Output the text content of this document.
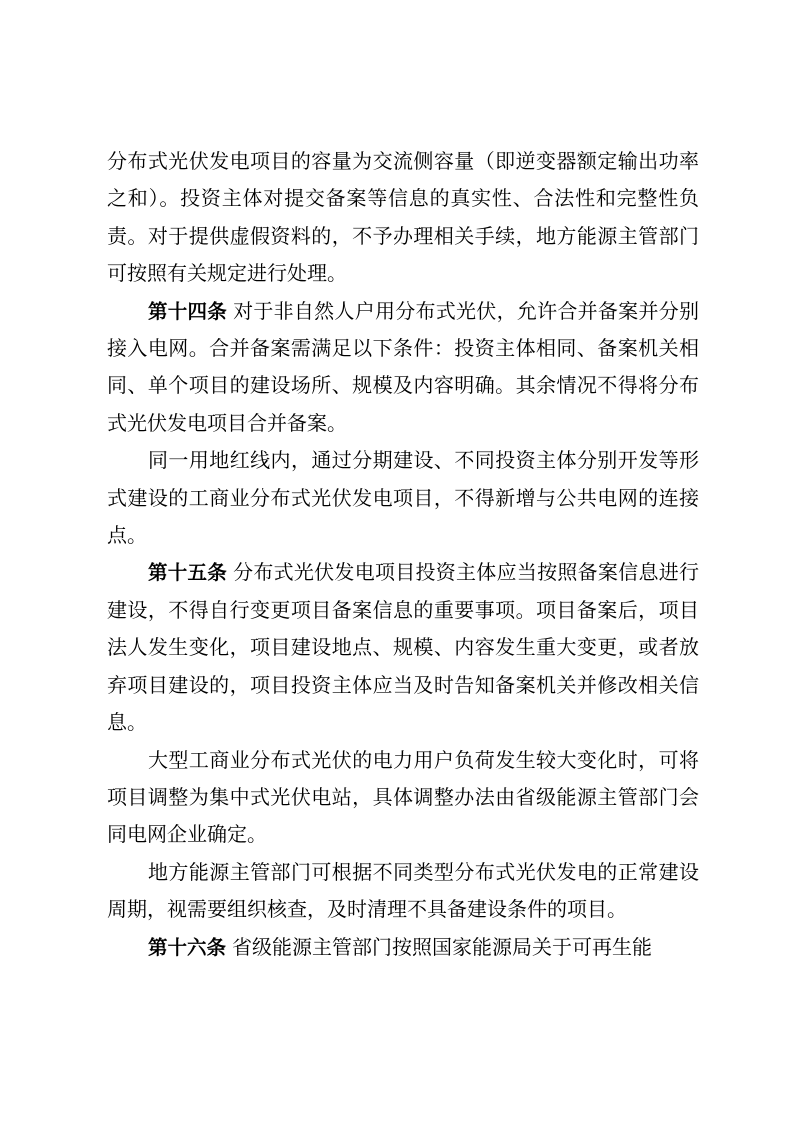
分布式光伏发电项目的容量为交流侧容量（即逆变器额定输出功率之和）。投资主体对提交备案等信息的真实性、合法性和完整性负责。对于提供虚假资料的，不予办理相关手续，地方能源主管部门可按照有关规定进行处理。

第十四条 对于非自然人户用分布式光伏，允许合并备案并分别接入电网。合并备案需满足以下条件：投资主体相同、备案机关相同、单个项目的建设场所、规模及内容明确。其余情况不得将分布式光伏发电项目合并备案。

同一用地红线内，通过分期建设、不同投资主体分别开发等形式建设的工商业分布式光伏发电项目，不得新增与公共电网的连接点。

第十五条 分布式光伏发电项目投资主体应当按照备案信息进行建设，不得自行变更项目备案信息的重要事项。项目备案后，项目法人发生变化，项目建设地点、规模、内容发生重大变更，或者放弃项目建设的，项目投资主体应当及时告知备案机关并修改相关信息。

大型工商业分布式光伏的电力用户负荷发生较大变化时，可将项目调整为集中式光伏电站，具体调整办法由省级能源主管部门会同电网企业确定。

地方能源主管部门可根据不同类型分布式光伏发电的正常建设周期，视需要组织核查，及时清理不具备建设条件的项目。

第十六条 省级能源主管部门按照国家能源局关于可再生能
